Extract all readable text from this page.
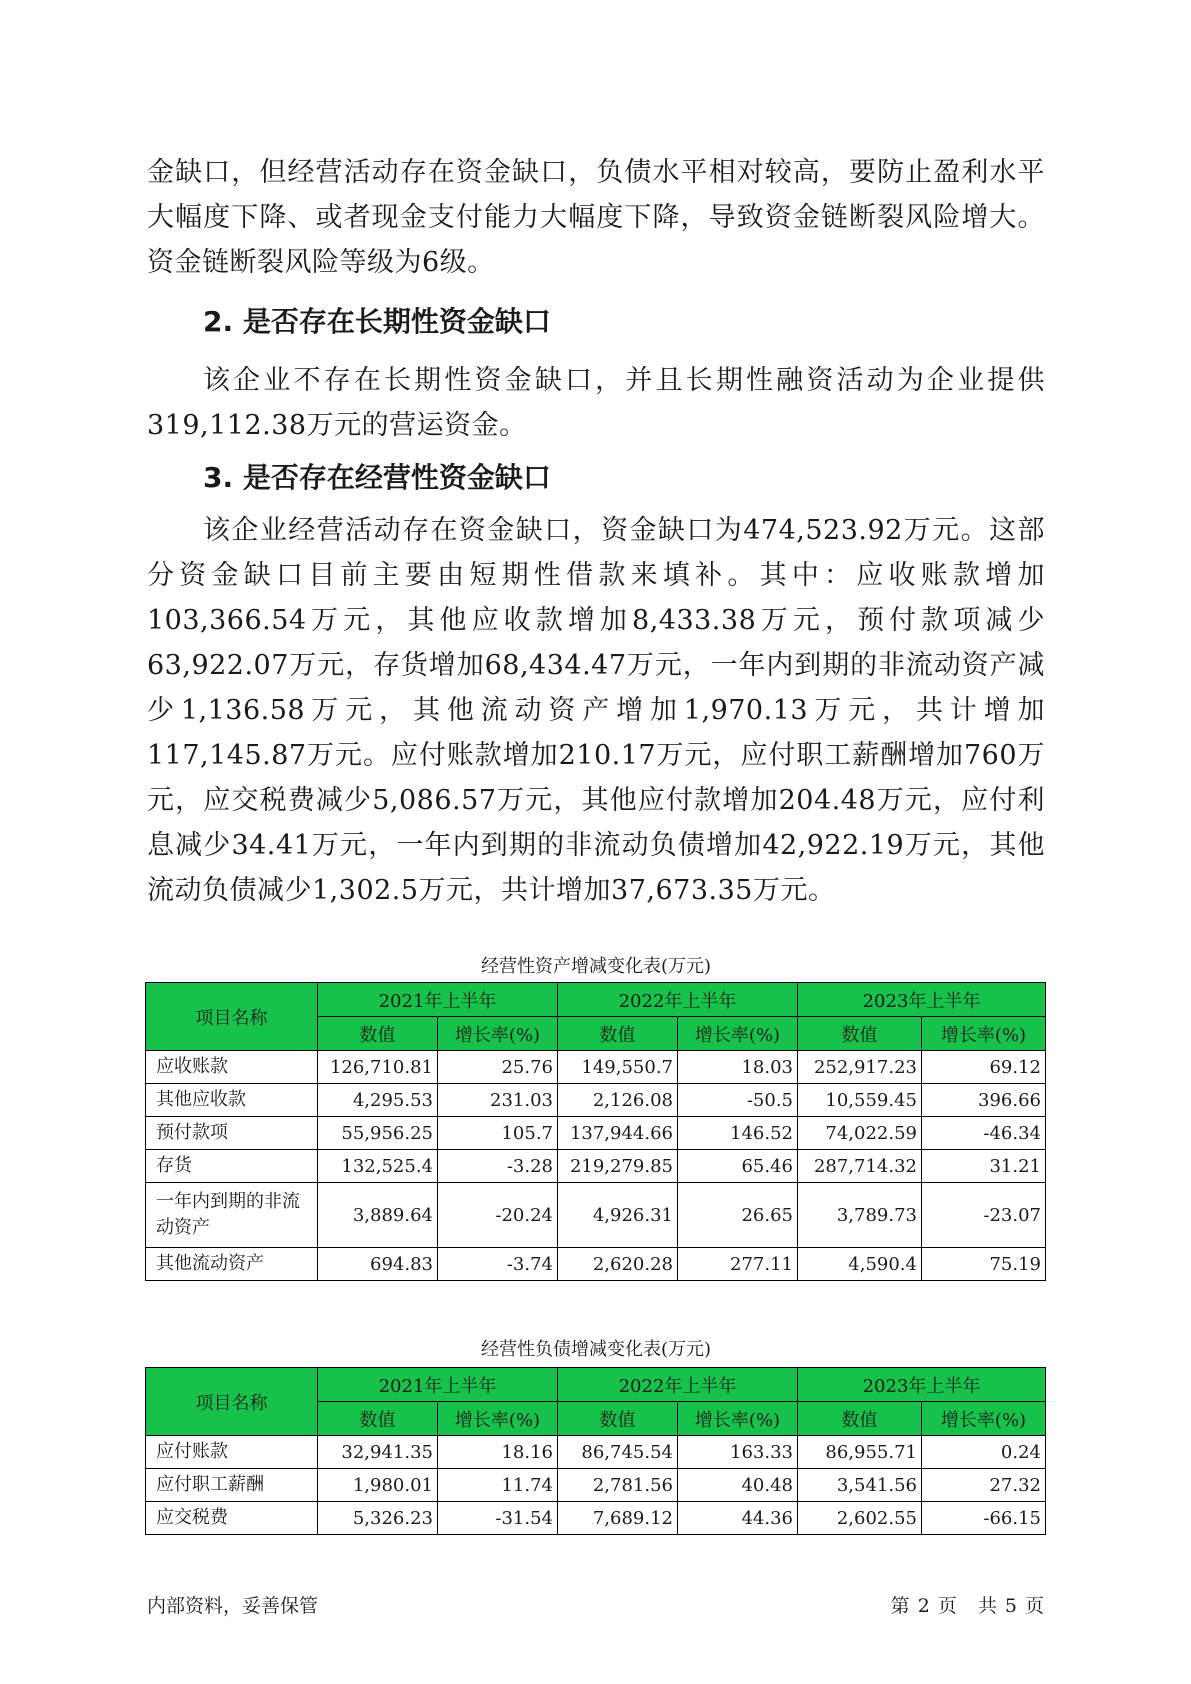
金缺口，但经营活动存在资金缺口，负债水平相对较高，要防止盈利水平大幅度下降、或者现金支付能力大幅度下降，导致资金链断裂风险增大。资金链断裂风险等级为6级。

2. 是否存在长期性资金缺口

该企业不存在长期性资金缺口，并且长期性融资活动为企业提供319,112.38万元的营运资金。

3. 是否存在经营性资金缺口

该企业经营活动存在资金缺口，资金缺口为474,523.92万元。这部分资金缺口目前主要由短期性借款来填补。其中：应收账款增加103,366.54万元，其他应收款增加8,433.38万元，预付款项减少63,922.07万元，存货增加68,434.47万元，一年内到期的非流动资产减少1,136.58万元，其他流动资产增加1,970.13万元，共计增加117,145.87万元。应付账款增加210.17万元，应付职工薪酬增加760万元，应交税费减少5,086.57万元，其他应付款增加204.48万元，应付利息减少34.41万元，一年内到期的非流动负债增加42,922.19万元，其他流动负债减少1,302.5万元，共计增加37,673.35万元。

经营性资产增减变化表(万元)
项目名称	2021年上半年		2022年上半年		2023年上半年	
	数值	增长率(%)	数值	增长率(%)	数值	增长率(%)
应收账款	126,710.81	25.76	149,550.7	18.03	252,917.23	69.12
其他应收款	4,295.53	231.03	2,126.08	-50.5	10,559.45	396.66
预付款项	55,956.25	105.7	137,944.66	146.52	74,022.59	-46.34
存货	132,525.4	-3.28	219,279.85	65.46	287,714.32	31.21
一年内到期的非流动资产	3,889.64	-20.24	4,926.31	26.65	3,789.73	-23.07
其他流动资产	694.83	-3.74	2,620.28	277.11	4,590.4	75.19
经营性负债增减变化表(万元)
项目名称	2021年上半年		2022年上半年		2023年上半年	
	数值	增长率(%)	数值	增长率(%)	数值	增长率(%)
应付账款	32,941.35	18.16	86,745.54	163.33	86,955.71	0.24
应付职工薪酬	1,980.01	11.74	2,781.56	40.48	3,541.56	27.32
应交税费	5,326.23	-31.54	7,689.12	44.36	2,602.55	-66.15
内部资料，妥善保管	第 2 页　共 5 页
